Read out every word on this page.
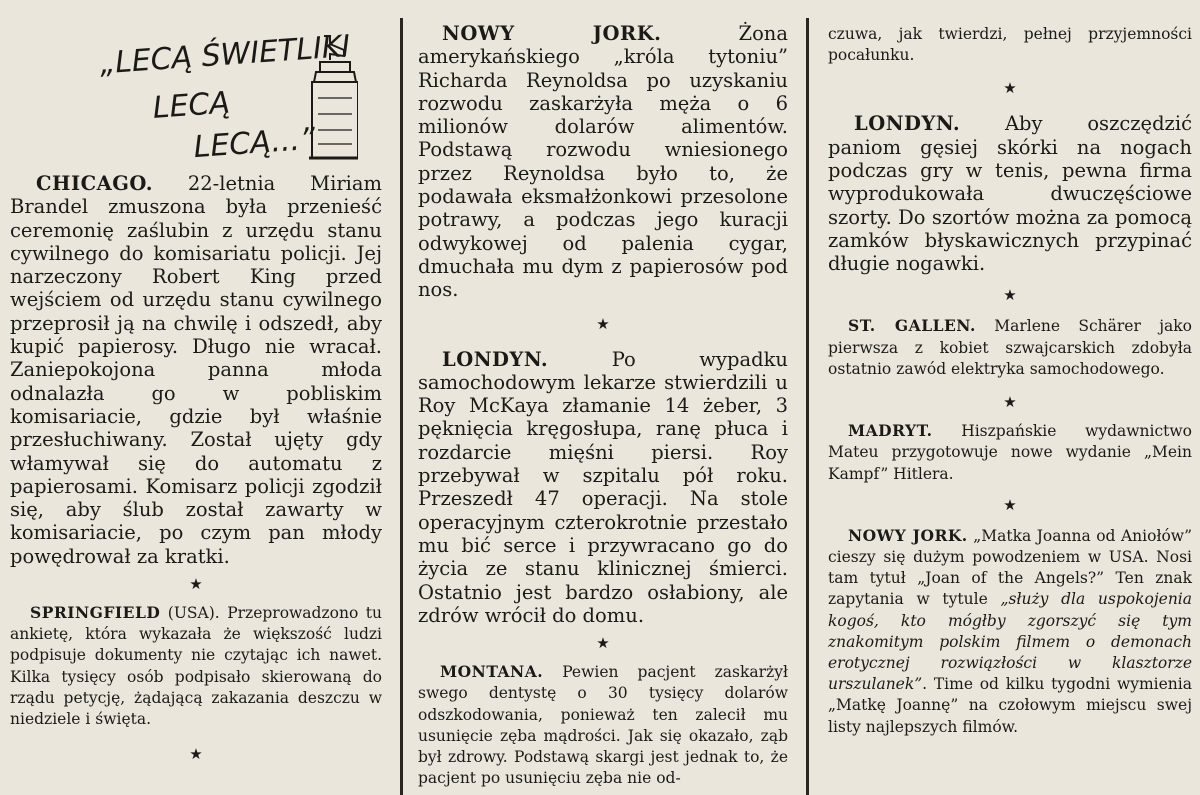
„LECĄ ŚWIETLIKI
LECĄ
LECĄ...”

CHICAGO. 22-letnia Miriam Brandel zmuszona była przenieść ceremonię zaślubin z urzędu stanu cywilnego do komisariatu policji. Jej narzeczony Robert King przed wejściem od urzędu stanu cywilnego przeprosił ją na chwilę i odszedł, aby kupić papierosy. Długo nie wracał. Zaniepokojona panna młoda odnalazła go w pobliskim komisariacie, gdzie był właśnie przesłuchiwany. Został ujęty gdy włamywał się do automatu z papierosami. Komisarz policji zgodził się, aby ślub został zawarty w komisariacie, po czym pan młody powędrował za kratki.

★

SPRINGFIELD (USA). Przeprowadzono tu ankietę, która wykazała że większość ludzi podpisuje dokumenty nie czytając ich nawet. Kilka tysięcy osób podpisało skierowaną do rządu petycję, żądającą zakazania deszczu w niedziele i święta.

★

NOWY JORK. Żona amerykańskiego „króla tytoniu” Richarda Reynoldsa po uzyskaniu rozwodu zaskarżyła męża o 6 milionów dolarów alimentów. Podstawą rozwodu wniesionego przez Reynoldsa było to, że podawała eksmałżonkowi przesolone potrawy, a podczas jego kuracji odwykowej od palenia cygar, dmuchała mu dym z papierosów pod nos.

★

LONDYN. Po wypadku samochodowym lekarze stwierdzili u Roy McKaya złamanie 14 żeber, 3 pęknięcia kręgosłupa, ranę płuca i rozdarcie mięśni piersi. Roy przebywał w szpitalu pół roku. Przeszedł 47 operacji. Na stole operacyjnym czterokrotnie przestało mu bić serce i przywracano go do życia ze stanu klinicznej śmierci. Ostatnio jest bardzo osłabiony, ale zdrów wrócił do domu.

★

MONTANA. Pewien pacjent zaskarżył swego dentystę o 30 tysięcy dolarów odszkodowania, ponieważ ten zalecił mu usunięcie zęba mądrości. Jak się okazało, ząb był zdrowy. Podstawą skargi jest jednak to, że pacjent po usunięciu zęba nie od-

czuwa, jak twierdzi, pełnej przyjemności pocałunku.

★

LONDYN. Aby oszczędzić paniom gęsiej skórki na nogach podczas gry w tenis, pewna firma wyprodukowała dwuczęściowe szorty. Do szortów można za pomocą zamków błyskawicznych przypinać długie nogawki.

★

ST. GALLEN. Marlene Schärer jako pierwsza z kobiet szwajcarskich zdobyła ostatnio zawód elektryka samochodowego.

★

MADRYT. Hiszpańskie wydawnictwo Mateu przygotowuje nowe wydanie „Mein Kampf” Hitlera.

★

NOWY JORK. „Matka Joanna od Aniołów” cieszy się dużym powodzeniem w USA. Nosi tam tytuł „Joan of the Angels?” Ten znak zapytania w tytule „służy dla uspokojenia kogoś, kto mógłby zgorszyć się tym znakomitym polskim filmem o demonach erotycznej rozwiązłości w klasztorze urszulanek”. Time od kilku tygodni wymienia „Matkę Joannę” na czołowym miejscu swej listy najlepszych filmów.
